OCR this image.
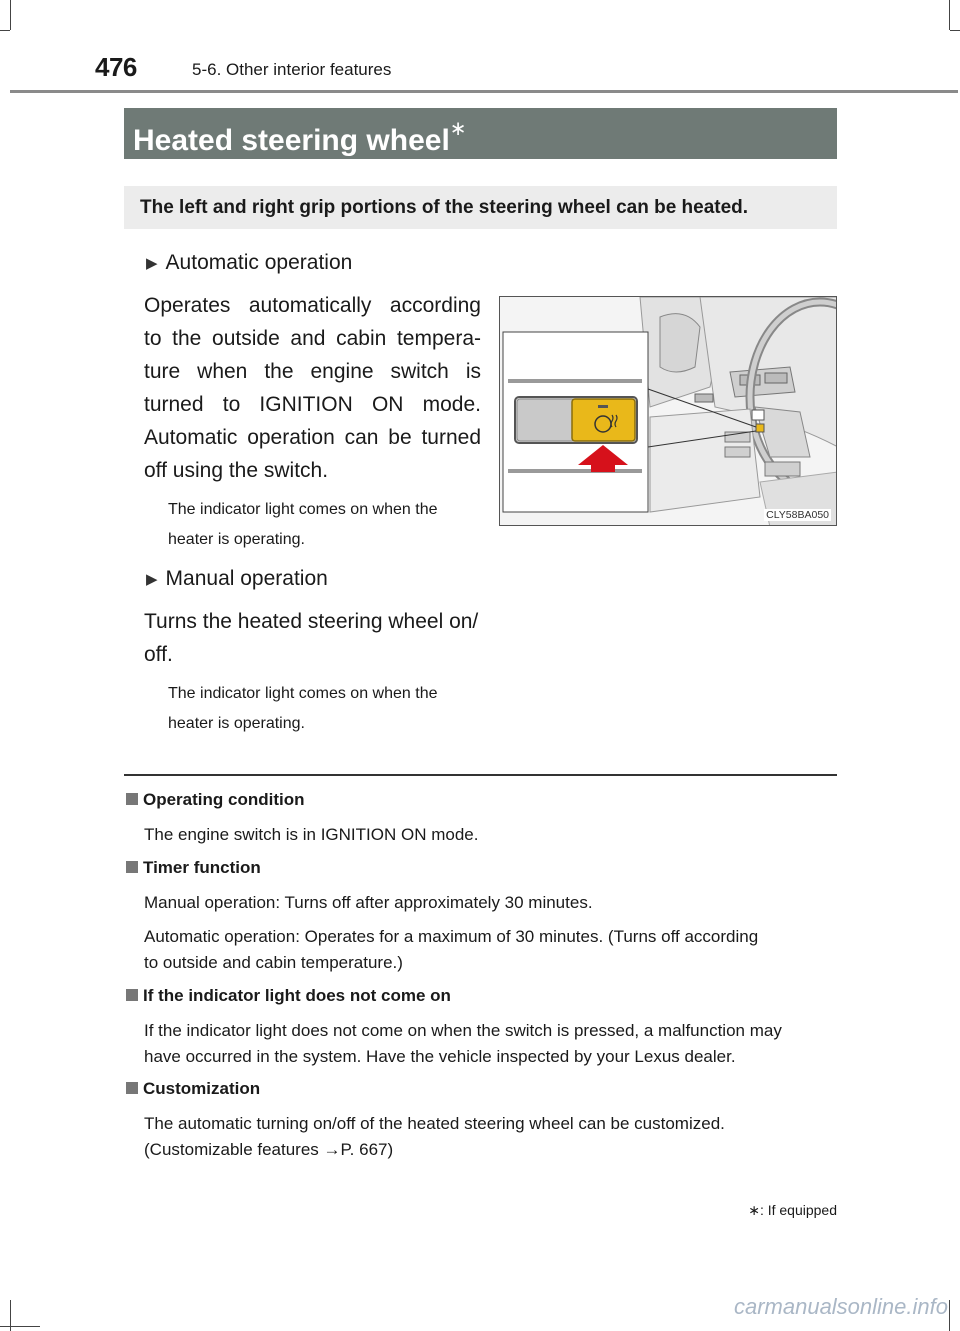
476	5-6. Other interior features
Heated steering wheel∗
The left and right grip portions of the steering wheel can be heated.
▶ Automatic operation
Operates automatically according
to the outside and cabin tempera-
ture when the engine switch is
turned to IGNITION ON mode.
Automatic operation can be turned
off using the switch.
The indicator light comes on when the
heater is operating.
▶ Manual operation
Turns the heated steering wheel on/
off.
The indicator light comes on when the
heater is operating.
CLY58BA050
Operating condition
The engine switch is in IGNITION ON mode.
Timer function
Manual operation: Turns off after approximately 30 minutes.
Automatic operation: Operates for a maximum of 30 minutes. (Turns off according
to outside and cabin temperature.)
If the indicator light does not come on
If the indicator light does not come on when the switch is pressed, a malfunction may
have occurred in the system. Have the vehicle inspected by your Lexus dealer.
Customization
The automatic turning on/off of the heated steering wheel can be customized.
(Customizable features →P. 667)
∗: If equipped
carmanualsonline.info
